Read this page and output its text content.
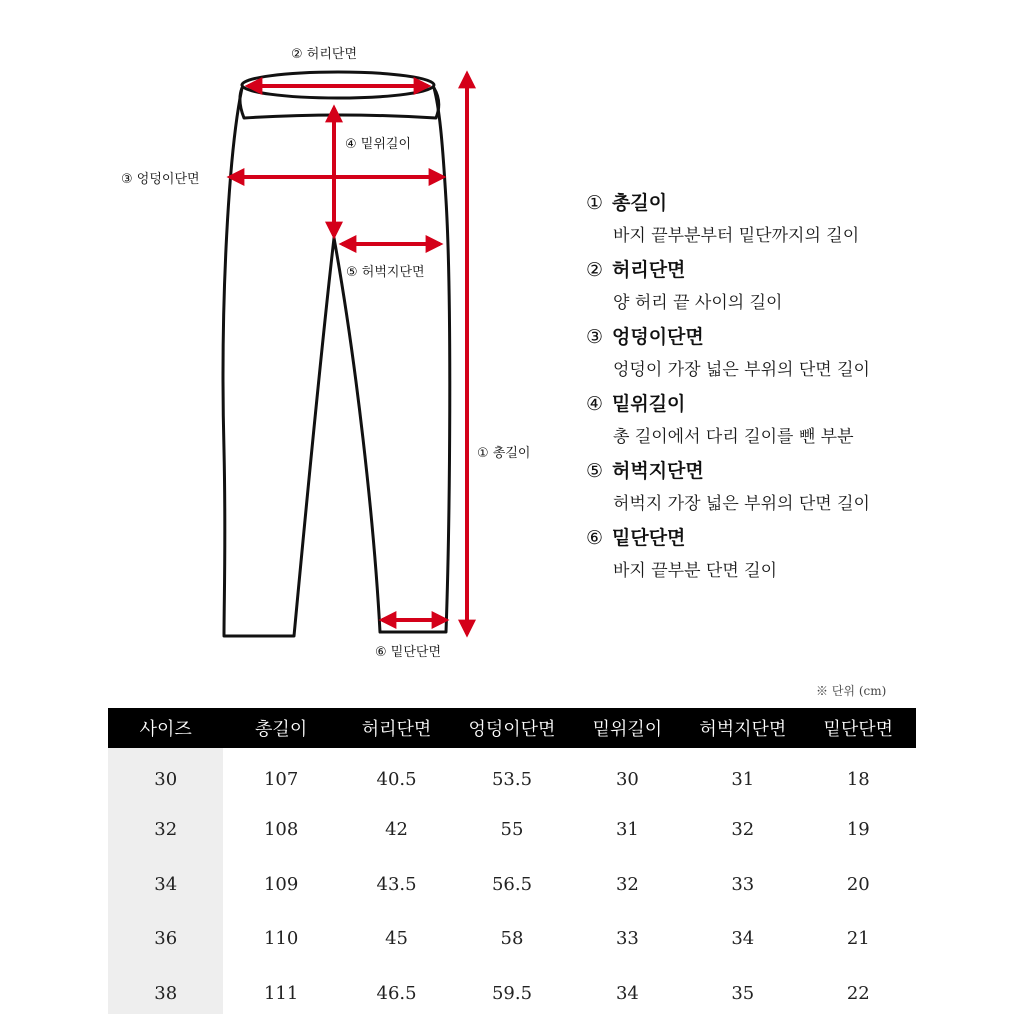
② 허리단면
④ 밑위길이
③ 엉덩이단면
⑤ 허벅지단면
⑥ 밑단단면
① 총길이
① 총길이
바지 끝부분부터 밑단까지의 길이
② 허리단면
양 허리 끝 사이의 길이
③ 엉덩이단면
엉덩이 가장 넓은 부위의 단면 길이
④ 밑위길이
총 길이에서 다리 길이를 뺀 부분
⑤ 허벅지단면
허벅지 가장 넓은 부위의 단면 길이
⑥ 밑단단면
바지 끝부분 단면 길이
※ 단위 (cm)
사이즈	총길이	허리단면	엉덩이단면	밑위길이	허벅지단면	밑단단면
30	107	40.5	53.5	30	31	18
32	108	42	55	31	32	19
34	109	43.5	56.5	32	33	20
36	110	45	58	33	34	21
38	111	46.5	59.5	34	35	22
